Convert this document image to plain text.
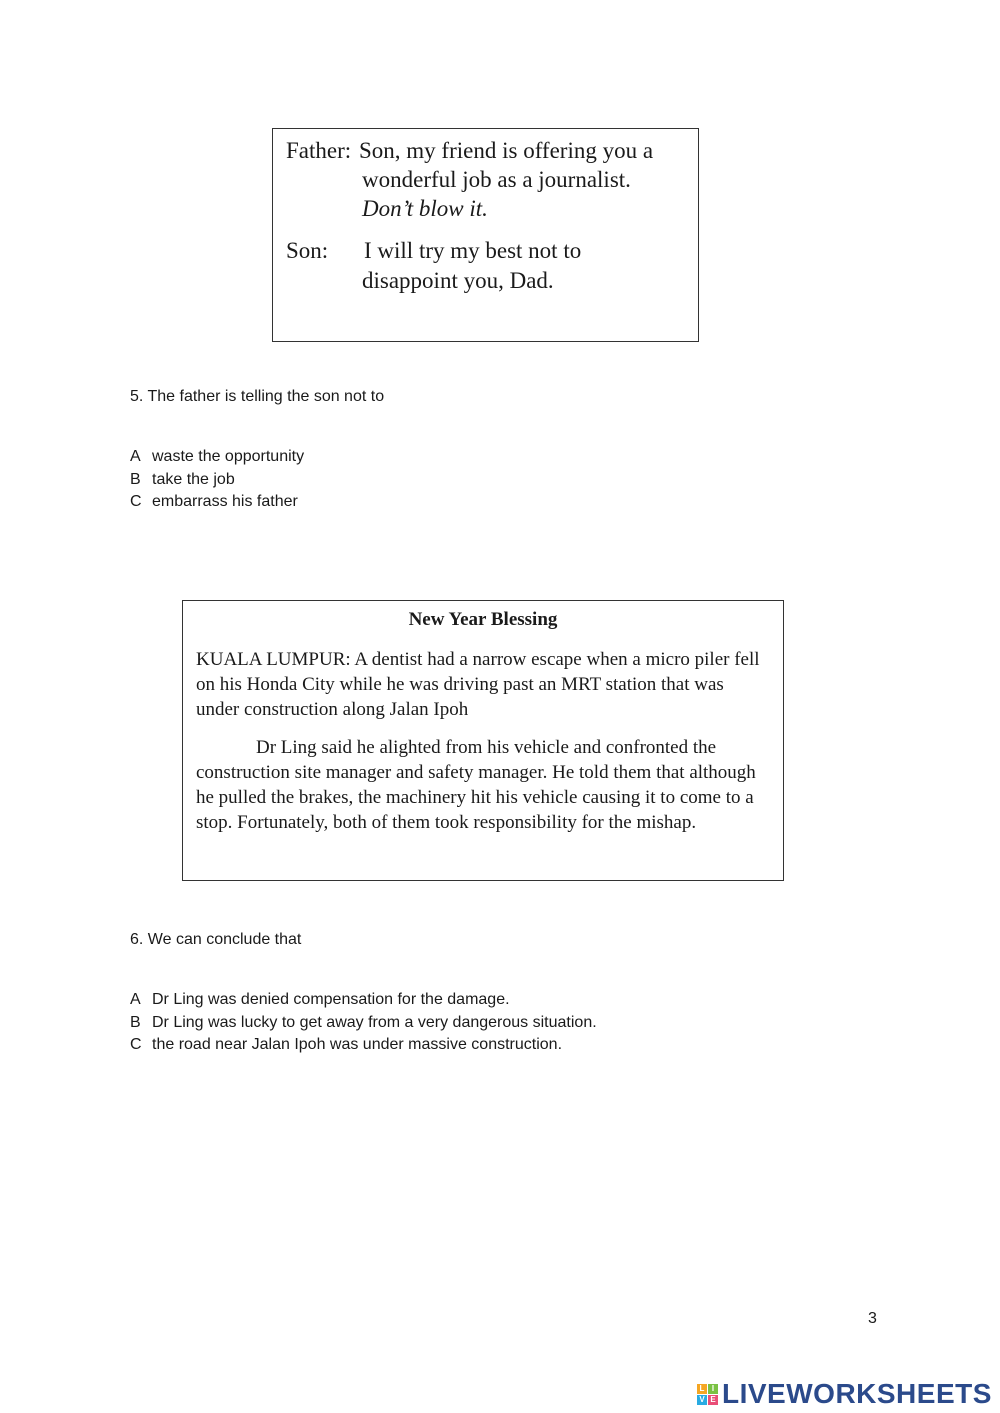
Father: Son, my friend is offering you a
wonderful job as a journalist.
Don’t blow it.
Son: I will try my best not to
disappoint you, Dad.
5. The father is telling the son not to
A waste the opportunity
B take the job
C embarrass his father
New Year Blessing

KUALA LUMPUR: A dentist had a narrow escape when a micro piler fell on his Honda City while he was driving past an MRT station that was under construction along Jalan Ipoh

Dr Ling said he alighted from his vehicle and confronted the construction site manager and safety manager. He told them that although he pulled the brakes, the machinery hit his vehicle causing it to come to a stop. Fortunately, both of them took responsibility for the mishap.

6. We can conclude that
A Dr Ling was denied compensation for the damage.
B Dr Ling was lucky to get away from a very dangerous situation.
C the road near Jalan Ipoh was under massive construction.
3
L I
V E LIVEWORKSHEETS
